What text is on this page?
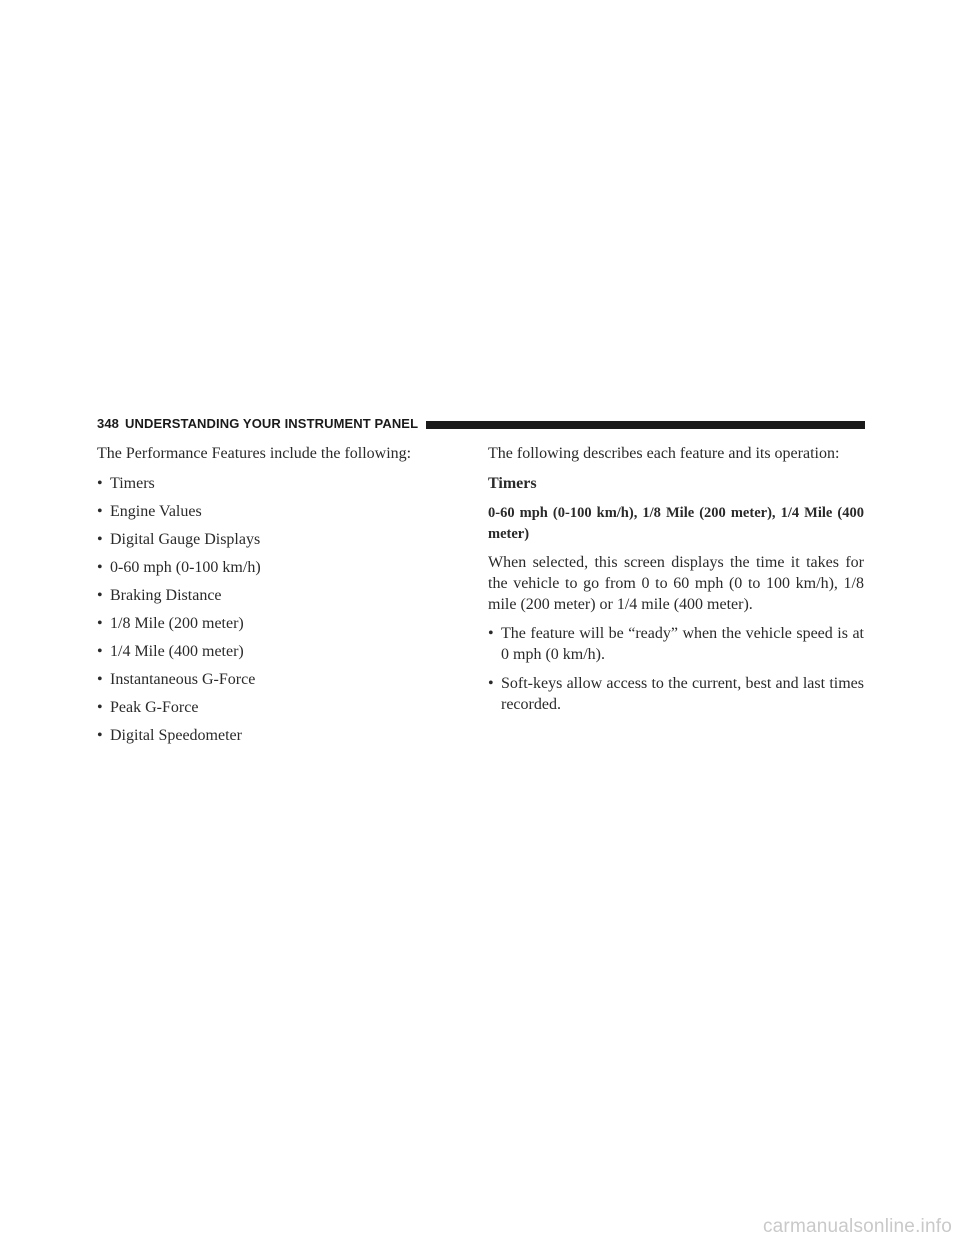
348 UNDERSTANDING YOUR INSTRUMENT PANEL

The Performance Features include the following:

• Timers
• Engine Values
• Digital Gauge Displays
• 0-60 mph (0-100 km/h)
• Braking Distance
• 1/8 Mile (200 meter)
• 1/4 Mile (400 meter)
• Instantaneous G-Force
• Peak G-Force
• Digital Speedometer

The following describes each feature and its operation:

Timers

0-60 mph (0-100 km/h), 1/8 Mile (200 meter), 1/4 Mile (400 meter)

When selected, this screen displays the time it takes for the vehicle to go from 0 to 60 mph (0 to 100 km/h), 1/8 mile (200 meter) or 1/4 mile (400 meter).

• The feature will be “ready” when the vehicle speed is at 0 mph (0 km/h).
• Soft-keys allow access to the current, best and last times recorded.
carmanualsonline.info
